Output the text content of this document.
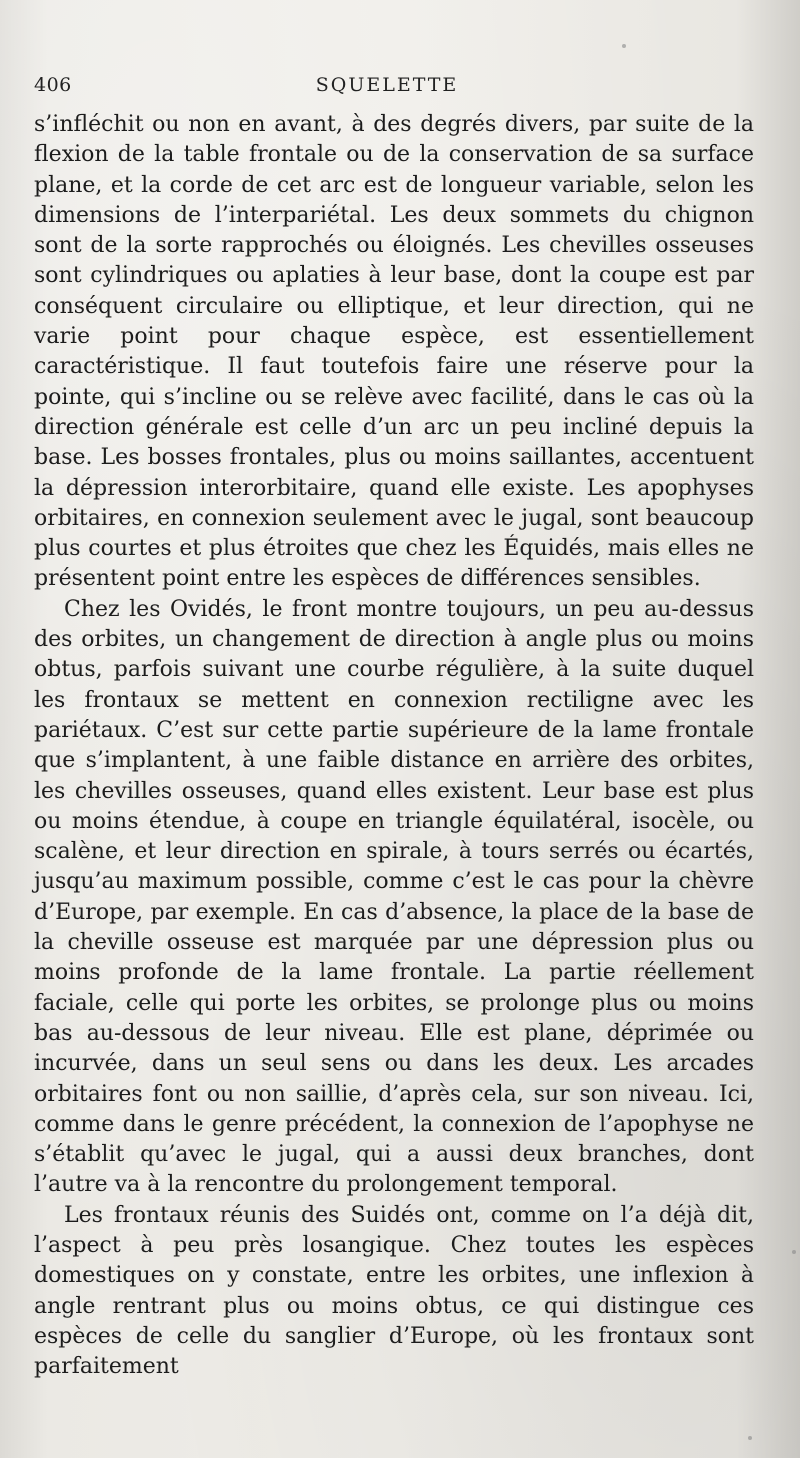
406	SQUELETTE

s’infléchit ou non en avant, à des degrés divers, par suite de la flexion de la table frontale ou de la conservation de sa surface plane, et la corde de cet arc est de longueur variable, selon les dimensions de l’interpariétal. Les deux sommets du chignon sont de la sorte rapprochés ou éloignés. Les chevilles osseuses sont cylindriques ou aplaties à leur base, dont la coupe est par conséquent circulaire ou elliptique, et leur direction, qui ne varie point pour chaque espèce, est essentiellement caractéristique. Il faut toutefois faire une réserve pour la pointe, qui s’incline ou se relève avec facilité, dans le cas où la direction générale est celle d’un arc un peu incliné depuis la base. Les bosses frontales, plus ou moins saillantes, accentuent la dépression interorbitaire, quand elle existe. Les apophyses orbitaires, en connexion seulement avec le jugal, sont beaucoup plus courtes et plus étroites que chez les Équidés, mais elles ne présentent point entre les espèces de différences sensibles.

Chez les Ovidés, le front montre toujours, un peu au-dessus des orbites, un changement de direction à angle plus ou moins obtus, parfois suivant une courbe régulière, à la suite duquel les frontaux se mettent en connexion rectiligne avec les pariétaux. C’est sur cette partie supérieure de la lame frontale que s’implantent, à une faible distance en arrière des orbites, les chevilles osseuses, quand elles existent. Leur base est plus ou moins étendue, à coupe en triangle équilatéral, isocèle, ou scalène, et leur direction en spirale, à tours serrés ou écartés, jusqu’au maximum possible, comme c’est le cas pour la chèvre d’Europe, par exemple. En cas d’absence, la place de la base de la cheville osseuse est marquée par une dépression plus ou moins profonde de la lame frontale. La partie réellement faciale, celle qui porte les orbites, se prolonge plus ou moins bas au-dessous de leur niveau. Elle est plane, déprimée ou incurvée, dans un seul sens ou dans les deux. Les arcades orbitaires font ou non saillie, d’après cela, sur son niveau. Ici, comme dans le genre précédent, la connexion de l’apophyse ne s’établit qu’avec le jugal, qui a aussi deux branches, dont l’autre va à la rencontre du prolongement temporal.

Les frontaux réunis des Suidés ont, comme on l’a déjà dit, l’aspect à peu près losangique. Chez toutes les espèces domestiques on y constate, entre les orbites, une inflexion à angle rentrant plus ou moins obtus, ce qui distingue ces espèces de celle du sanglier d’Europe, où les frontaux sont parfaitement
